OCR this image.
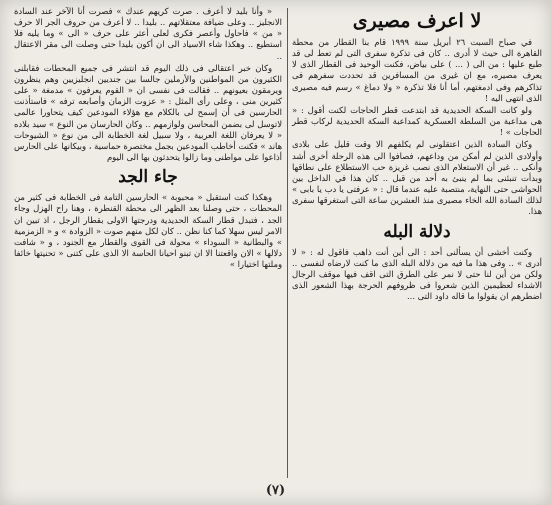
لا اعرف مصيرى

في صباح السبت ٢٦ أبريل سنة ١٩٩٩ قام بنا القطار من محطة القاهرة الى حيث لا أدرى .. كان فى تذكرة سفرى التى لم تعط لى قد طبع عليها : من الى ( ... ) على بياض، فكنت الوحيد فى القطار الذى لا يعرف مصيره، مع ان غيرى من المسافرين قد تحددت سفرهم فى تذاكرهم وفى ادمغتهم، أما أنا فلا تذكرة « ولا دماغ » رسم فيه مصيرى الذى انتهى اليه !

ولو كانت السكة الحديدية قد ابتدعت قطر الحاجات لكنت أقول : « هى مداعبة من السلطة العسكرية كمداعبة السكة الحديدية لركاب قطر الحاجات » !

وكان السادة الذين اعتقلونى لم يكلفهم الا وقت قليل على بلادى وأولادى الذين لم أمكن من وداعهم، فصافوا الى هذه الرحلة أخرى أشد وأنكى .. غير أن الاستعلام الذى نصب غريزة حب الاستطلاع على نطاقها وبدأت تنبئنى بما لم ينبئ به أحد من قبل .. كان هذا في الداخل بين الحواشى حتى النهاية، منتصبة عليه عندما قال : « عرفتى يا دب يا بابى » لذلك السادة الله الخاء مصيرى منذ العشرين ساعة التى استغرقها سفرى هذا.

دلالة البله

وكنت أخشى أن يسألنى أحد : الى أين أنت ذاهب فاقول له : « لا أدرى » .. وفى هذا ما فيه من دلالة البله الذى ما كنت لارضاه لنفسى .. ولكن من أين لنا حتى لا نمر على الطرق التى اقف فيها موقف الرجال الاشداء لعظيمين الذين شعروا فى ظروفهم الحرجة بهذا الشعور الذى اضطرهم ان يقولوا ما قاله داود التى ...

« وأنا بليد لا أعرف . صرت كريهم عندك » فصرت أنا الآخر عند السادة الانجليز .. وعلى ضيافة معتقلاتهم .. بليدا .. لا أعرف من حروف الجر الا حرف « من » فاحاول وأعصر فكرى لعلى أعثر على حرف « الى » وما يليه فلا استطيع .. وهكذا شاء الاسياد الى ان أكون بليدا حتى وصلت الى مقر الاعتقال ..

وكان خبر اعتقالى فى ذلك اليوم قد انتشر فى جميع المحطات فقابلنى الكثيرون من المواطنين والأرملين جالسا بين جنديين انجليزيين وهم ينظرون ويرمقون بعيونهم .. فقالت فى نفسى ان « القوم يعرفون » مدمغة « على كثيرين منى ، وعلى رأى المثل : « عزوت الزمان وأصابعه ترفه » فاستأذنت الحارسين فى أن إسمح لى بالكلام مع هؤلاء المودعين كيف يتحاورا عالمى لاتوسل لى بضمن المحاسن ولوازمهم .. وكان الحارسان من النوع » سيد بلاده « لا يعرفان اللغة العربية ، ولا سبيل لغة الخطابة الى من نوع « الشيوحات هاند » فكنت أخاطب المودعين بجمل مختصرة حماسية ، وبيكانها على الحارس أذاعوا على مواطنى وما زالوا يتحدثون بها الى اليوم

جاء الجد

وهكذا كنت استقبل « محبوبة » الحارسين التامة فى الخطابة فى كثير من المحطات ، حتى وصلنا بعد الظهر الى محطة القنطرة ، وهنا راح الهزل وجاء الجد ، فتبدل قطار السكة الحديدية ودرجتها الاولى بقطار الرجل ، اذ تبين ان الامر ليس سهلا كما كنا نظن .. كان لكل منهم صوت « الزوادة » و « الزمزمية » والبطانية « السوداء » محولة فى القوى والقطار مع الجنود ، و « شافت دلالها » الان واقعتنا الا ان تبنو احيانا الحاسة الا الذى على كتنى « تحنيتها خائفا وملتها اختيارا »

(٧)
